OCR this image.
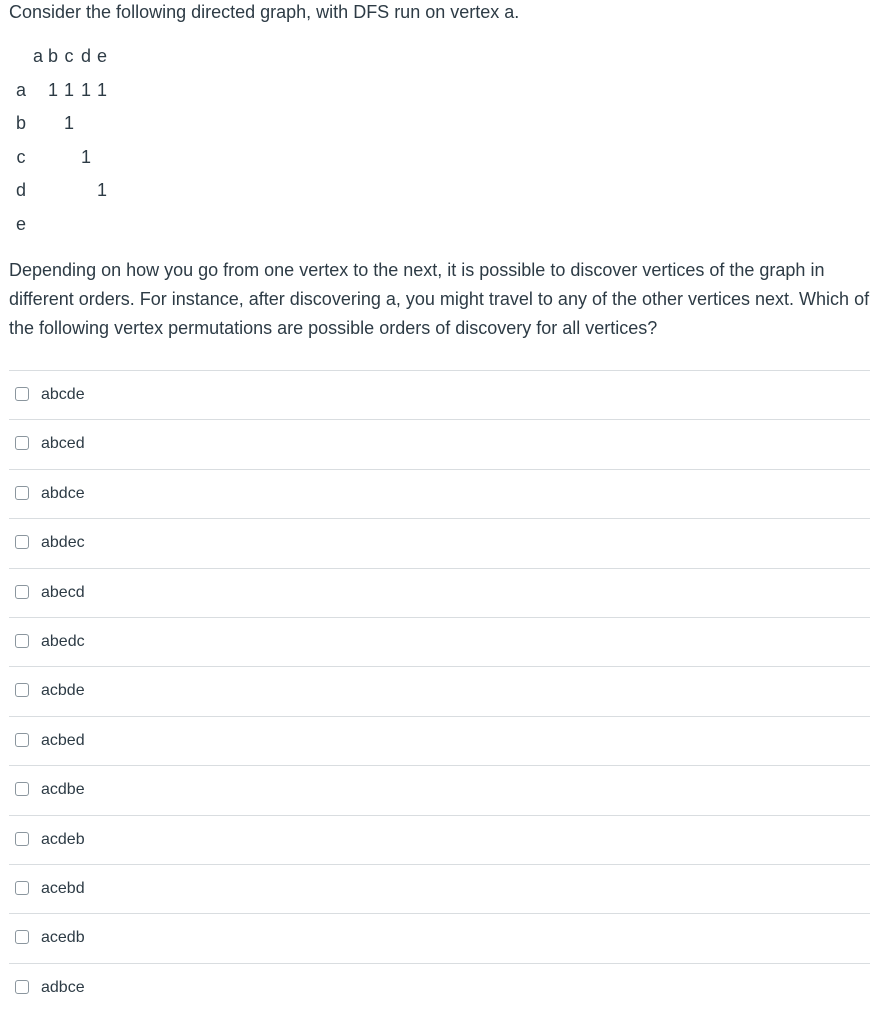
Consider the following directed graph, with DFS run on vertex a.
a b c d e
a
b
c
d
e
1 1 1 1
1
1
1
Depending on how you go from one vertex to the next, it is possible to discover vertices of the graph in different orders. For instance, after discovering a, you might travel to any of the other vertices next. Which of the following vertex permutations are possible orders of discovery for all vertices?
abcde
abced
abdce
abdec
abecd
abedc
acbde
acbed
acdbe
acdeb
acebd
acedb
adbce
